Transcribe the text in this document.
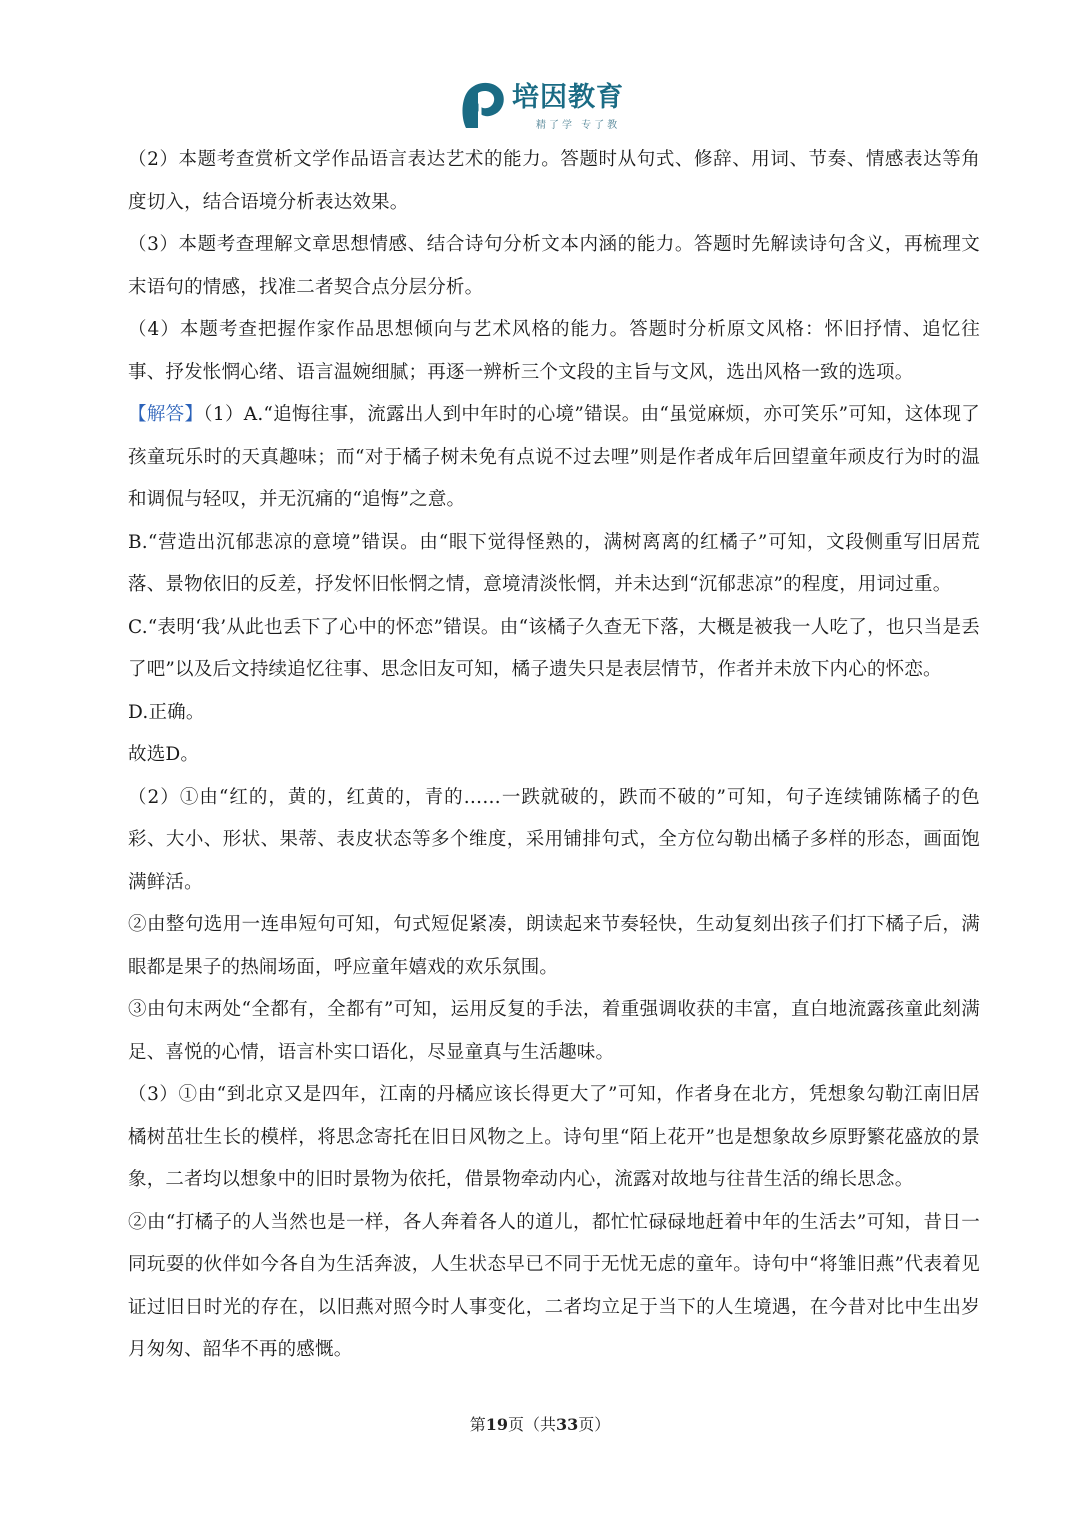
培因教育
精了学 专了教

（2）本题考查赏析文学作品语言表达艺术的能力。答题时从句式、修辞、用词、节奏、情感表达等角度切入，结合语境分析表达效果。

（3）本题考查理解文章思想情感、结合诗句分析文本内涵的能力。答题时先解读诗句含义，再梳理文末语句的情感，找准二者契合点分层分析。

（4）本题考查把握作家作品思想倾向与艺术风格的能力。答题时分析原文风格：怀旧抒情、追忆往事、抒发怅惘心绪、语言温婉细腻；再逐一辨析三个文段的主旨与文风，选出风格一致的选项。

【解答】（1）A.“追悔往事，流露出人到中年时的心境”错误。由“虽觉麻烦，亦可笑乐”可知，这体现了孩童玩乐时的天真趣味；而“对于橘子树未免有点说不过去哩”则是作者成年后回望童年顽皮行为时的温和调侃与轻叹，并无沉痛的“追悔”之意。

B.“营造出沉郁悲凉的意境”错误。由“眼下觉得怪熟的，满树离离的红橘子”可知，文段侧重写旧居荒落、景物依旧的反差，抒发怀旧怅惘之情，意境清淡怅惘，并未达到“沉郁悲凉”的程度，用词过重。

C.“表明‘我’从此也丢下了心中的怀恋”错误。由“该橘子久查无下落，大概是被我一人吃了，也只当是丢了吧”以及后文持续追忆往事、思念旧友可知，橘子遗失只是表层情节，作者并未放下内心的怀恋。

D.正确。

故选D。

（2）①由“红的，黄的，红黄的，青的……一跌就破的，跌而不破的”可知，句子连续铺陈橘子的色彩、大小、形状、果蒂、表皮状态等多个维度，采用铺排句式，全方位勾勒出橘子多样的形态，画面饱满鲜活。

②由整句选用一连串短句可知，句式短促紧凑，朗读起来节奏轻快，生动复刻出孩子们打下橘子后，满眼都是果子的热闹场面，呼应童年嬉戏的欢乐氛围。

③由句末两处“全都有，全都有”可知，运用反复的手法，着重强调收获的丰富，直白地流露孩童此刻满足、喜悦的心情，语言朴实口语化，尽显童真与生活趣味。

（3）①由“到北京又是四年，江南的丹橘应该长得更大了”可知，作者身在北方，凭想象勾勒江南旧居橘树茁壮生长的模样，将思念寄托在旧日风物之上。诗句里“陌上花开”也是想象故乡原野繁花盛放的景象，二者均以想象中的旧时景物为依托，借景物牵动内心，流露对故地与往昔生活的绵长思念。

②由“打橘子的人当然也是一样，各人奔着各人的道儿，都忙忙碌碌地赶着中年的生活去”可知，昔日一同玩耍的伙伴如今各自为生活奔波，人生状态早已不同于无忧无虑的童年。诗句中“将雏旧燕”代表着见证过旧日时光的存在，以旧燕对照今时人事变化，二者均立足于当下的人生境遇，在今昔对比中生出岁月匆匆、韶华不再的感慨。

第19页（共33页）
